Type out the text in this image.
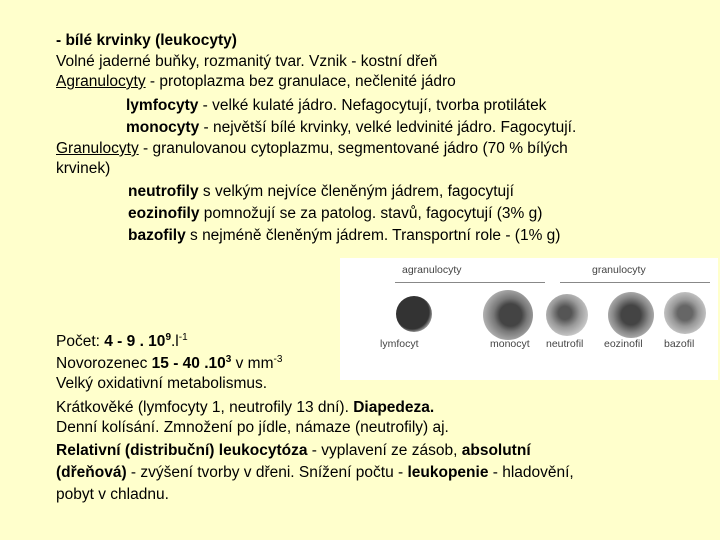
- bílé krvinky (leukocyty)
Volné jaderné buňky, rozmanitý tvar. Vznik - kostní dřeň
Agranulocyty - protoplazma bez granulace, nečlenité jádro
lymfocyty - velké kulaté jádro. Nefagocytují, tvorba protilátek
monocyty - největší bílé krvinky, velké ledvinité jádro. Fagocytují.
Granulocyty - granulovanou cytoplazmu, segmentované jádro (70 % bílých
krvinek)
neutrofily s velkým nejvíce členěným jádrem, fagocytují
eozinofily pomnožují se za patolog. stavů, fagocytují (3% g)
bazofily s nejméně členěným jádrem. Transportní role - (1% g)
agranulocyty	granulocyty
lymfocyt	monocyt neutrofil eozinofil bazofil
Počet: 4 - 9 . $10^9.l^{-1}$
Novorozenec 15 - 40 $.10^3$ v $mm^{-3}$
Velký oxidativní metabolismus.
Krátkověké (lymfocyty 1, neutrofily 13 dní). Diapedeza.
Denní kolísání. Zmnožení po jídle, námaze (neutrofily) aj.
Relativní (distribuční) leukocytóza - vyplavení ze zásob, absolutní
(dřeňová) - zvýšení tvorby v dřeni. Snížení počtu - leukopenie - hladovění,
pobyt v chladnu.
